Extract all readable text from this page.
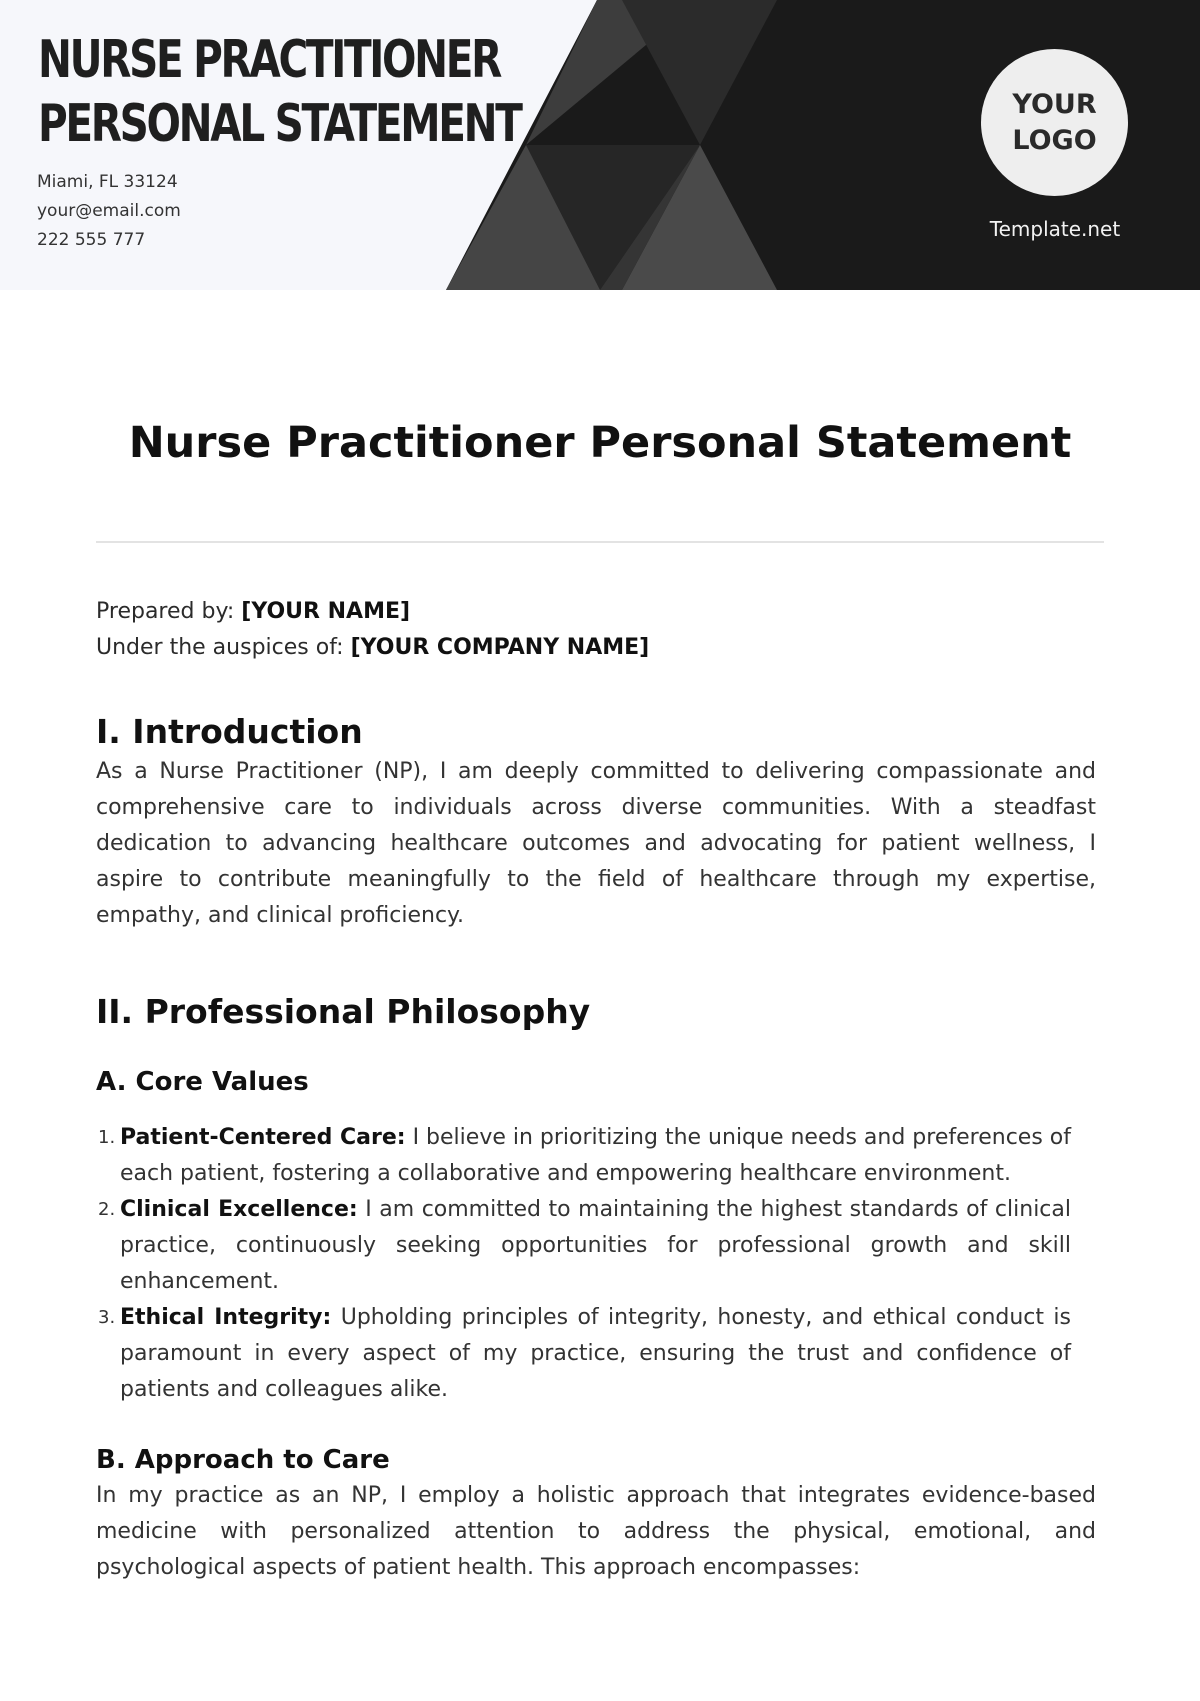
NURSE PRACTITIONER
PERSONAL STATEMENT
Miami, FL 33124
your@email.com
222 555 777
YOUR
LOGO
Template.net
Nurse Practitioner Personal Statement
Prepared by: [YOUR NAME]
Under the auspices of: [YOUR COMPANY NAME]
I. Introduction

As a Nurse Practitioner (NP), I am deeply committed to delivering compassionate and comprehensive care to individuals across diverse communities. With a steadfast dedication to advancing healthcare outcomes and advocating for patient wellness, I aspire to contribute meaningfully to the field of healthcare through my expertise, empathy, and clinical proficiency.

II. Professional Philosophy
A. Core Values
1. Patient-Centered Care: I believe in prioritizing the unique needs and preferences of each patient, fostering a collaborative and empowering healthcare environment.
2. Clinical Excellence: I am committed to maintaining the highest standards of clinical practice, continuously seeking opportunities for professional growth and skill enhancement.
3. Ethical Integrity: Upholding principles of integrity, honesty, and ethical conduct is paramount in every aspect of my practice, ensuring the trust and confidence of patients and colleagues alike.
B. Approach to Care

In my practice as an NP, I employ a holistic approach that integrates evidence-based medicine with personalized attention to address the physical, emotional, and psychological aspects of patient health. This approach encompasses:
